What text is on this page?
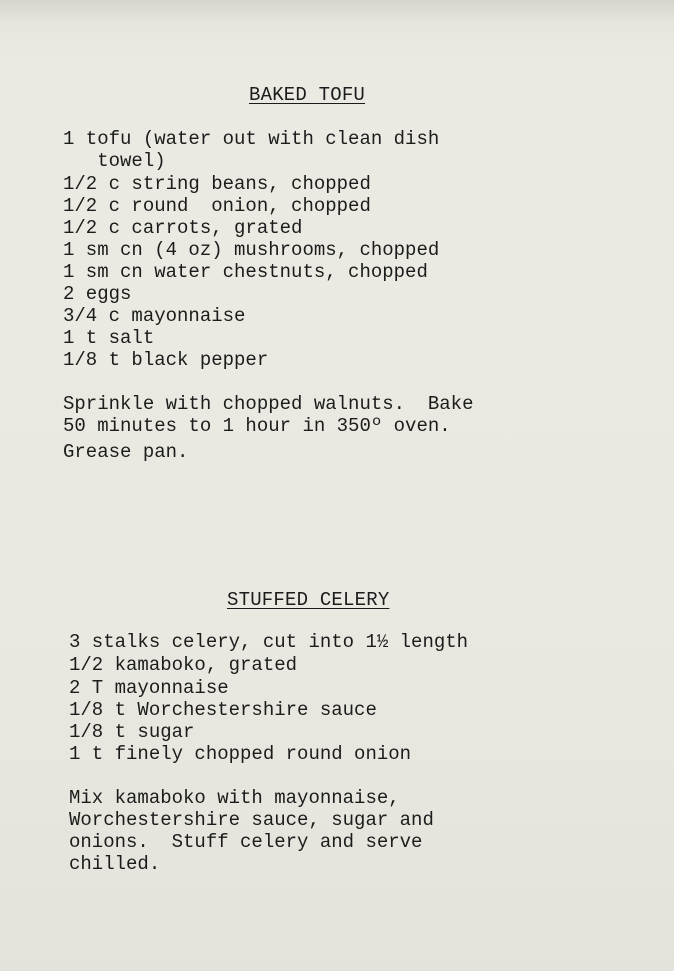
BAKED TOFU
1 tofu (water out with clean dish
towel)
1/2 c string beans, chopped
1/2 c round  onion, chopped
1/2 c carrots, grated
1 sm cn (4 oz) mushrooms, chopped
1 sm cn water chestnuts, chopped
2 eggs
3/4 c mayonnaise
1 t salt
1/8 t black pepper
Sprinkle with chopped walnuts.  Bake
50 minutes to 1 hour in 350º oven.
Grease pan.
STUFFED CELERY
3 stalks celery, cut into 1½ length
1/2 kamaboko, grated
2 T mayonnaise
1/8 t Worchestershire sauce
1/8 t sugar
1 t finely chopped round onion
Mix kamaboko with mayonnaise,
Worchestershire sauce, sugar and
onions.  Stuff celery and serve
chilled.
